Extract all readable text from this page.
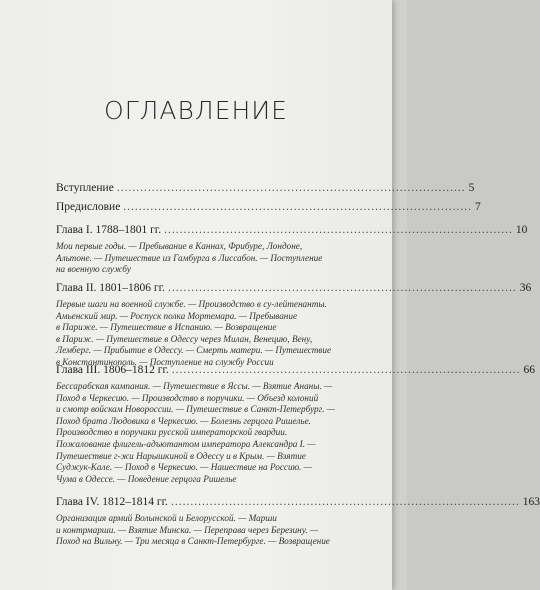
ОГЛАВЛЕНИЕ
Вступление .......................................................................................... 5
Предисловие .......................................................................................... 7
Глава I. 1788–1801 гг. .......................................................................................... 10
Мои первые годы. — Пребывание в Каннах, Фрибуре, Лондоне,
Альтоне. — Путешествие из Гамбурга в Лиссабон. — Поступление
на военную службу
Глава II. 1801–1806 гг. .......................................................................................... 36
Первые шаги на военной службе. — Производство в су-лейтенанты.
Амьенский мир. — Роспуск полка Мортемара. — Пребывание
в Париже. — Путешествие в Испанию. — Возвращение
в Париж. — Путешествие в Одессу через Милан, Венецию, Вену,
Лемберг. — Прибытие в Одессу. — Смерть матери. — Путешествие
в Константинополь. — Поступление на службу России
Глава III. 1806–1812 гг. .......................................................................................... 66
Бессарабская кампания. — Путешествие в Яссы. — Взятие Ананы. —
Поход в Черкесию. — Производство в поручики. — Объезд колоний
и смотр войскам Новороссии. — Путешествие в Санкт-Петербург. —
Поход брата Людовика в Черкесию. — Болезнь герцога Ришелье.
Производство в поручики русской императорской гвардии.
Пожалование флигель-адъютантом императора Александра I. —
Путешествие г-жи Нарышкиной в Одессу и в Крым. — Взятие
Суджук-Кале. — Поход в Черкесию. — Нашествие на Россию. —
Чума в Одессе. — Поведение герцога Ришелье
Глава IV. 1812–1814 гг. .......................................................................................... 163
Организация армий Волынской и Белорусской. — Марши
и контрмарши. — Взятие Минска. — Переправа через Березину. —
Поход на Вильну. — Три месяца в Санкт-Петербурге. — Возвращение
